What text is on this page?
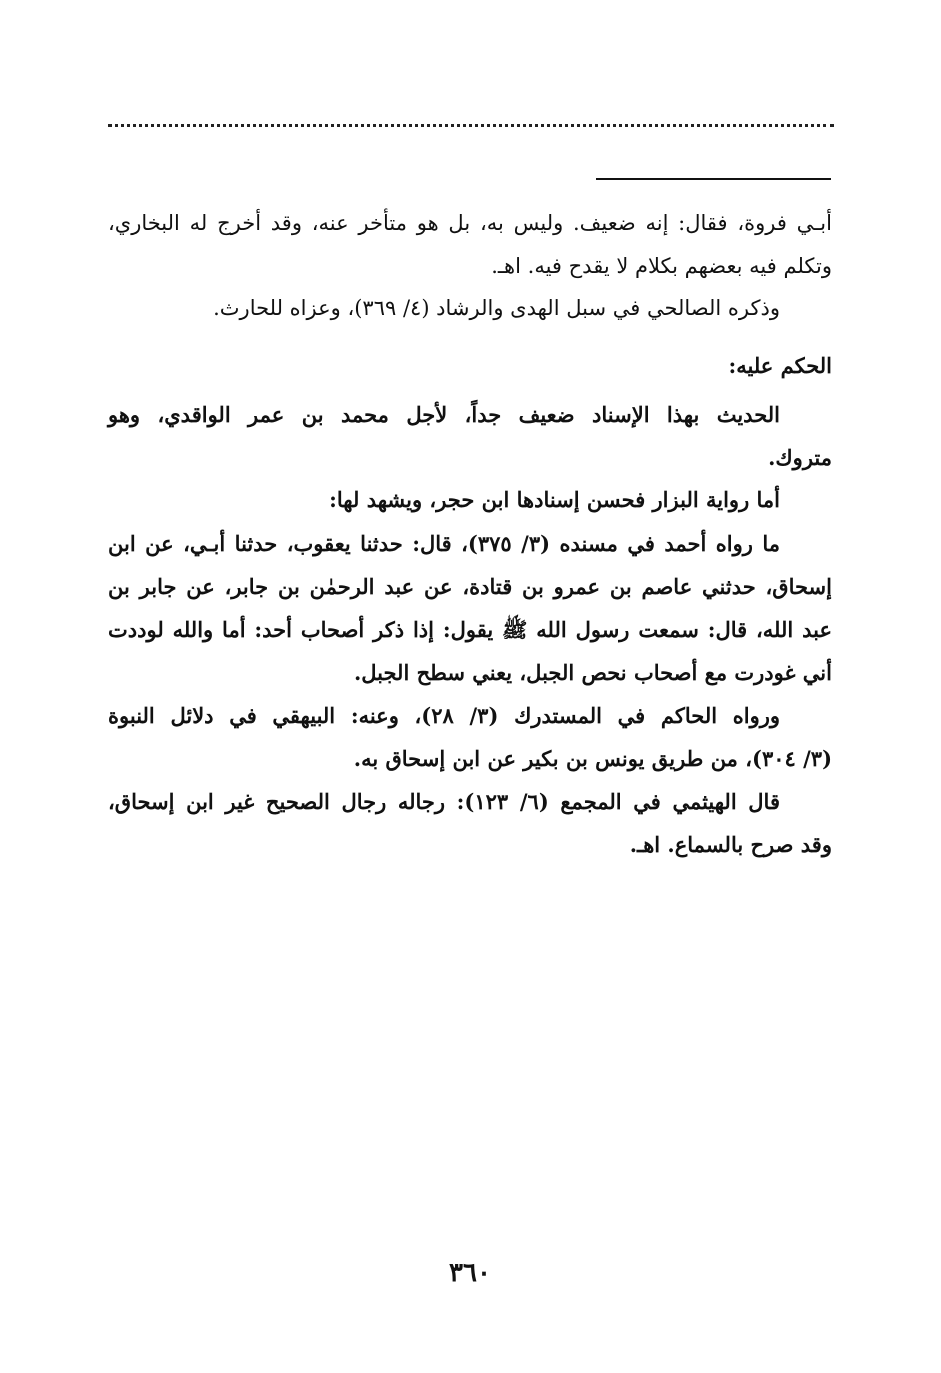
أبـي فروة، فقال: إنه ضعيف. وليس به، بل هو متأخر عنه، وقد أخرج له البخاري،
وتكلم فيه بعضهم بكلام لا يقدح فيه. اهـ.
وذكره الصالحي في سبل الهدى والرشاد (٤/ ٣٦٩)، وعزاه للحارث.
الحكم عليه:
الحديث بهذا الإسناد ضعيف جداً، لأجل محمد بن عمر الواقدي، وهو
متروك.
أما رواية البزار فحسن إسنادها ابن حجر، ويشهد لها:
ما رواه أحمد في مسنده (٣/ ٣٧٥)، قال: حدثنا يعقوب، حدثنا أبـي، عن ابن
إسحاق، حدثني عاصم بن عمرو بن قتادة، عن عبد الرحمٰن بن جابر، عن جابر بن
عبد الله، قال: سمعت رسول الله ﷺ يقول: إذا ذكر أصحاب أحد: أما والله لوددت
أني غودرت مع أصحاب نحص الجبل، يعني سطح الجبل.
ورواه الحاكم في المستدرك (٣/ ٢٨)، وعنه: البيهقي في دلائل النبوة
(٣/ ٣٠٤)، من طريق يونس بن بكير عن ابن إسحاق به.
قال الهيثمي في المجمع (٦/ ١٢٣): رجاله رجال الصحيح غير ابن إسحاق،
وقد صرح بالسماع. اهـ.
٣٦٠
